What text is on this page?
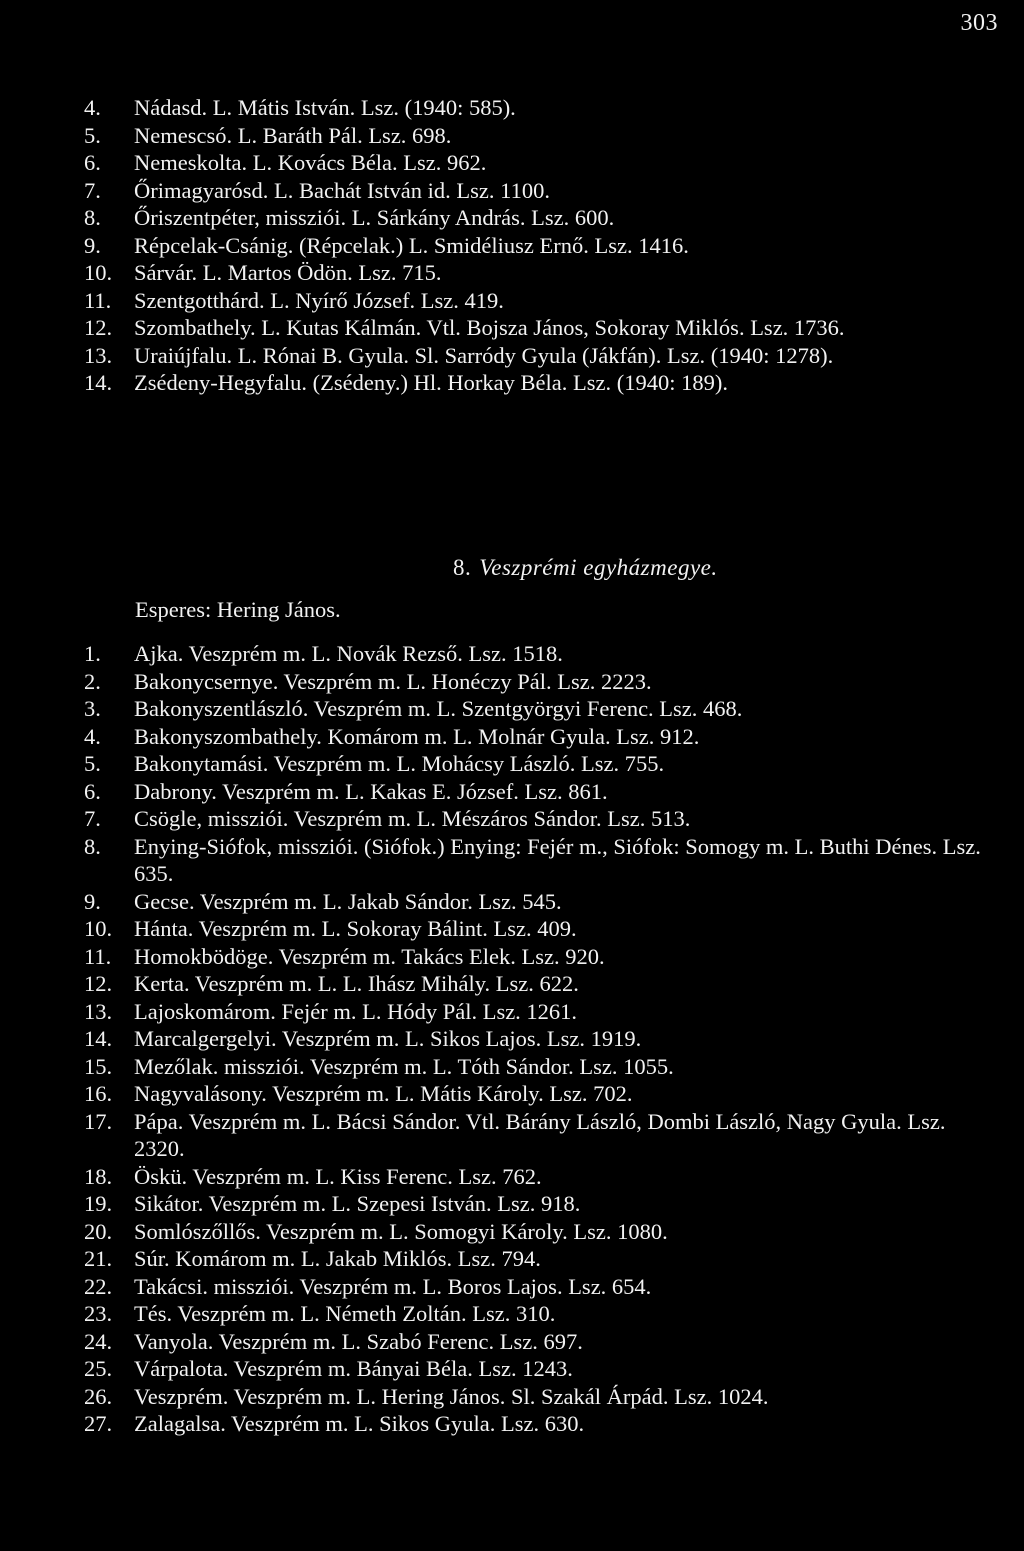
303
4.	Nádasd. L. Mátis István. Lsz. (1940: 585).
5.	Nemescsó. L. Baráth Pál. Lsz. 698.
6.	Nemeskolta. L. Kovács Béla. Lsz. 962.
7.	Őrimagyarósd. L. Bachát István id. Lsz. 1100.
8.	Őriszentpéter, missziói. L. Sárkány András. Lsz. 600.
9.	Répcelak-Csánig. (Répcelak.) L. Smidéliusz Ernő. Lsz. 1416.
10. Sárvár. L. Martos Ödön. Lsz. 715.
11.	Szentgotthárd. L. Nyírő József. Lsz. 419.
12. Szombathely. L. Kutas Kálmán. Vtl. Bojsza János, Sokoray Miklós. Lsz. 1736.
13. Uraiújfalu. L. Rónai B. Gyula. Sl. Sarródy Gyula (Jákfán). Lsz. (1940: 1278).
14. Zsédeny-Hegyfalu. (Zsédeny.) Hl. Horkay Béla. Lsz. (1940: 189).
8. Veszprémi egyházmegye.
Esperes: Hering János.
1.	Ajka. Veszprém m. L. Novák Rezső. Lsz. 1518.
2.	Bakonycsernye. Veszprém m. L. Honéczy Pál. Lsz. 2223.
3.	Bakonyszentlászló. Veszprém m. L. Szentgyörgyi Ferenc. Lsz. 468.
4.	Bakonyszombathely. Komárom m. L. Molnár Gyula. Lsz. 912.
5.	Bakonytamási. Veszprém m. L. Mohácsy László. Lsz. 755.
6.	Dabrony. Veszprém m. L. Kakas E. József. Lsz. 861.
7.	Csögle, missziói. Veszprém m. L. Mészáros Sándor. Lsz. 513.
8.	Enying-Siófok, missziói. (Siófok.) Enying: Fejér m., Siófok: Somogy m. L. Buthi Dénes. Lsz. 635.
9.	Gecse. Veszprém m. L. Jakab Sándor. Lsz. 545.
10. Hánta. Veszprém m. L. Sokoray Bálint. Lsz. 409.
11.	Homokbödöge. Veszprém m. Takács Elek. Lsz. 920.
12. Kerta. Veszprém m. L. L. Ihász Mihály. Lsz. 622.
13. Lajoskomárom. Fejér m. L. Hódy Pál. Lsz. 1261.
14. Marcalgergelyi. Veszprém m. L. Sikos Lajos. Lsz. 1919.
15. Mezőlak. missziói. Veszprém m. L. Tóth Sándor. Lsz. 1055.
16. Nagyvalásony. Veszprém m. L. Mátis Károly. Lsz. 702.
17. Pápa. Veszprém m. L. Bácsi Sándor. Vtl. Bárány László, Dombi László, Nagy Gyula. Lsz. 2320.
18. Öskü. Veszprém m. L. Kiss Ferenc. Lsz. 762.
19. Sikátor. Veszprém m. L. Szepesi István. Lsz. 918.
20. Somlószőllős. Veszprém m. L. Somogyi Károly. Lsz. 1080.
21. Súr. Komárom m. L. Jakab Miklós. Lsz. 794.
22. Takácsi. missziói. Veszprém m. L. Boros Lajos. Lsz. 654.
23. Tés. Veszprém m. L. Németh Zoltán. Lsz. 310.
24. Vanyola. Veszprém m. L. Szabó Ferenc. Lsz. 697.
25. Várpalota. Veszprém m. Bányai Béla. Lsz. 1243.
26. Veszprém. Veszprém m. L. Hering János. Sl. Szakál Árpád. Lsz. 1024.
27. Zalagalsa. Veszprém m. L. Sikos Gyula. Lsz. 630.
